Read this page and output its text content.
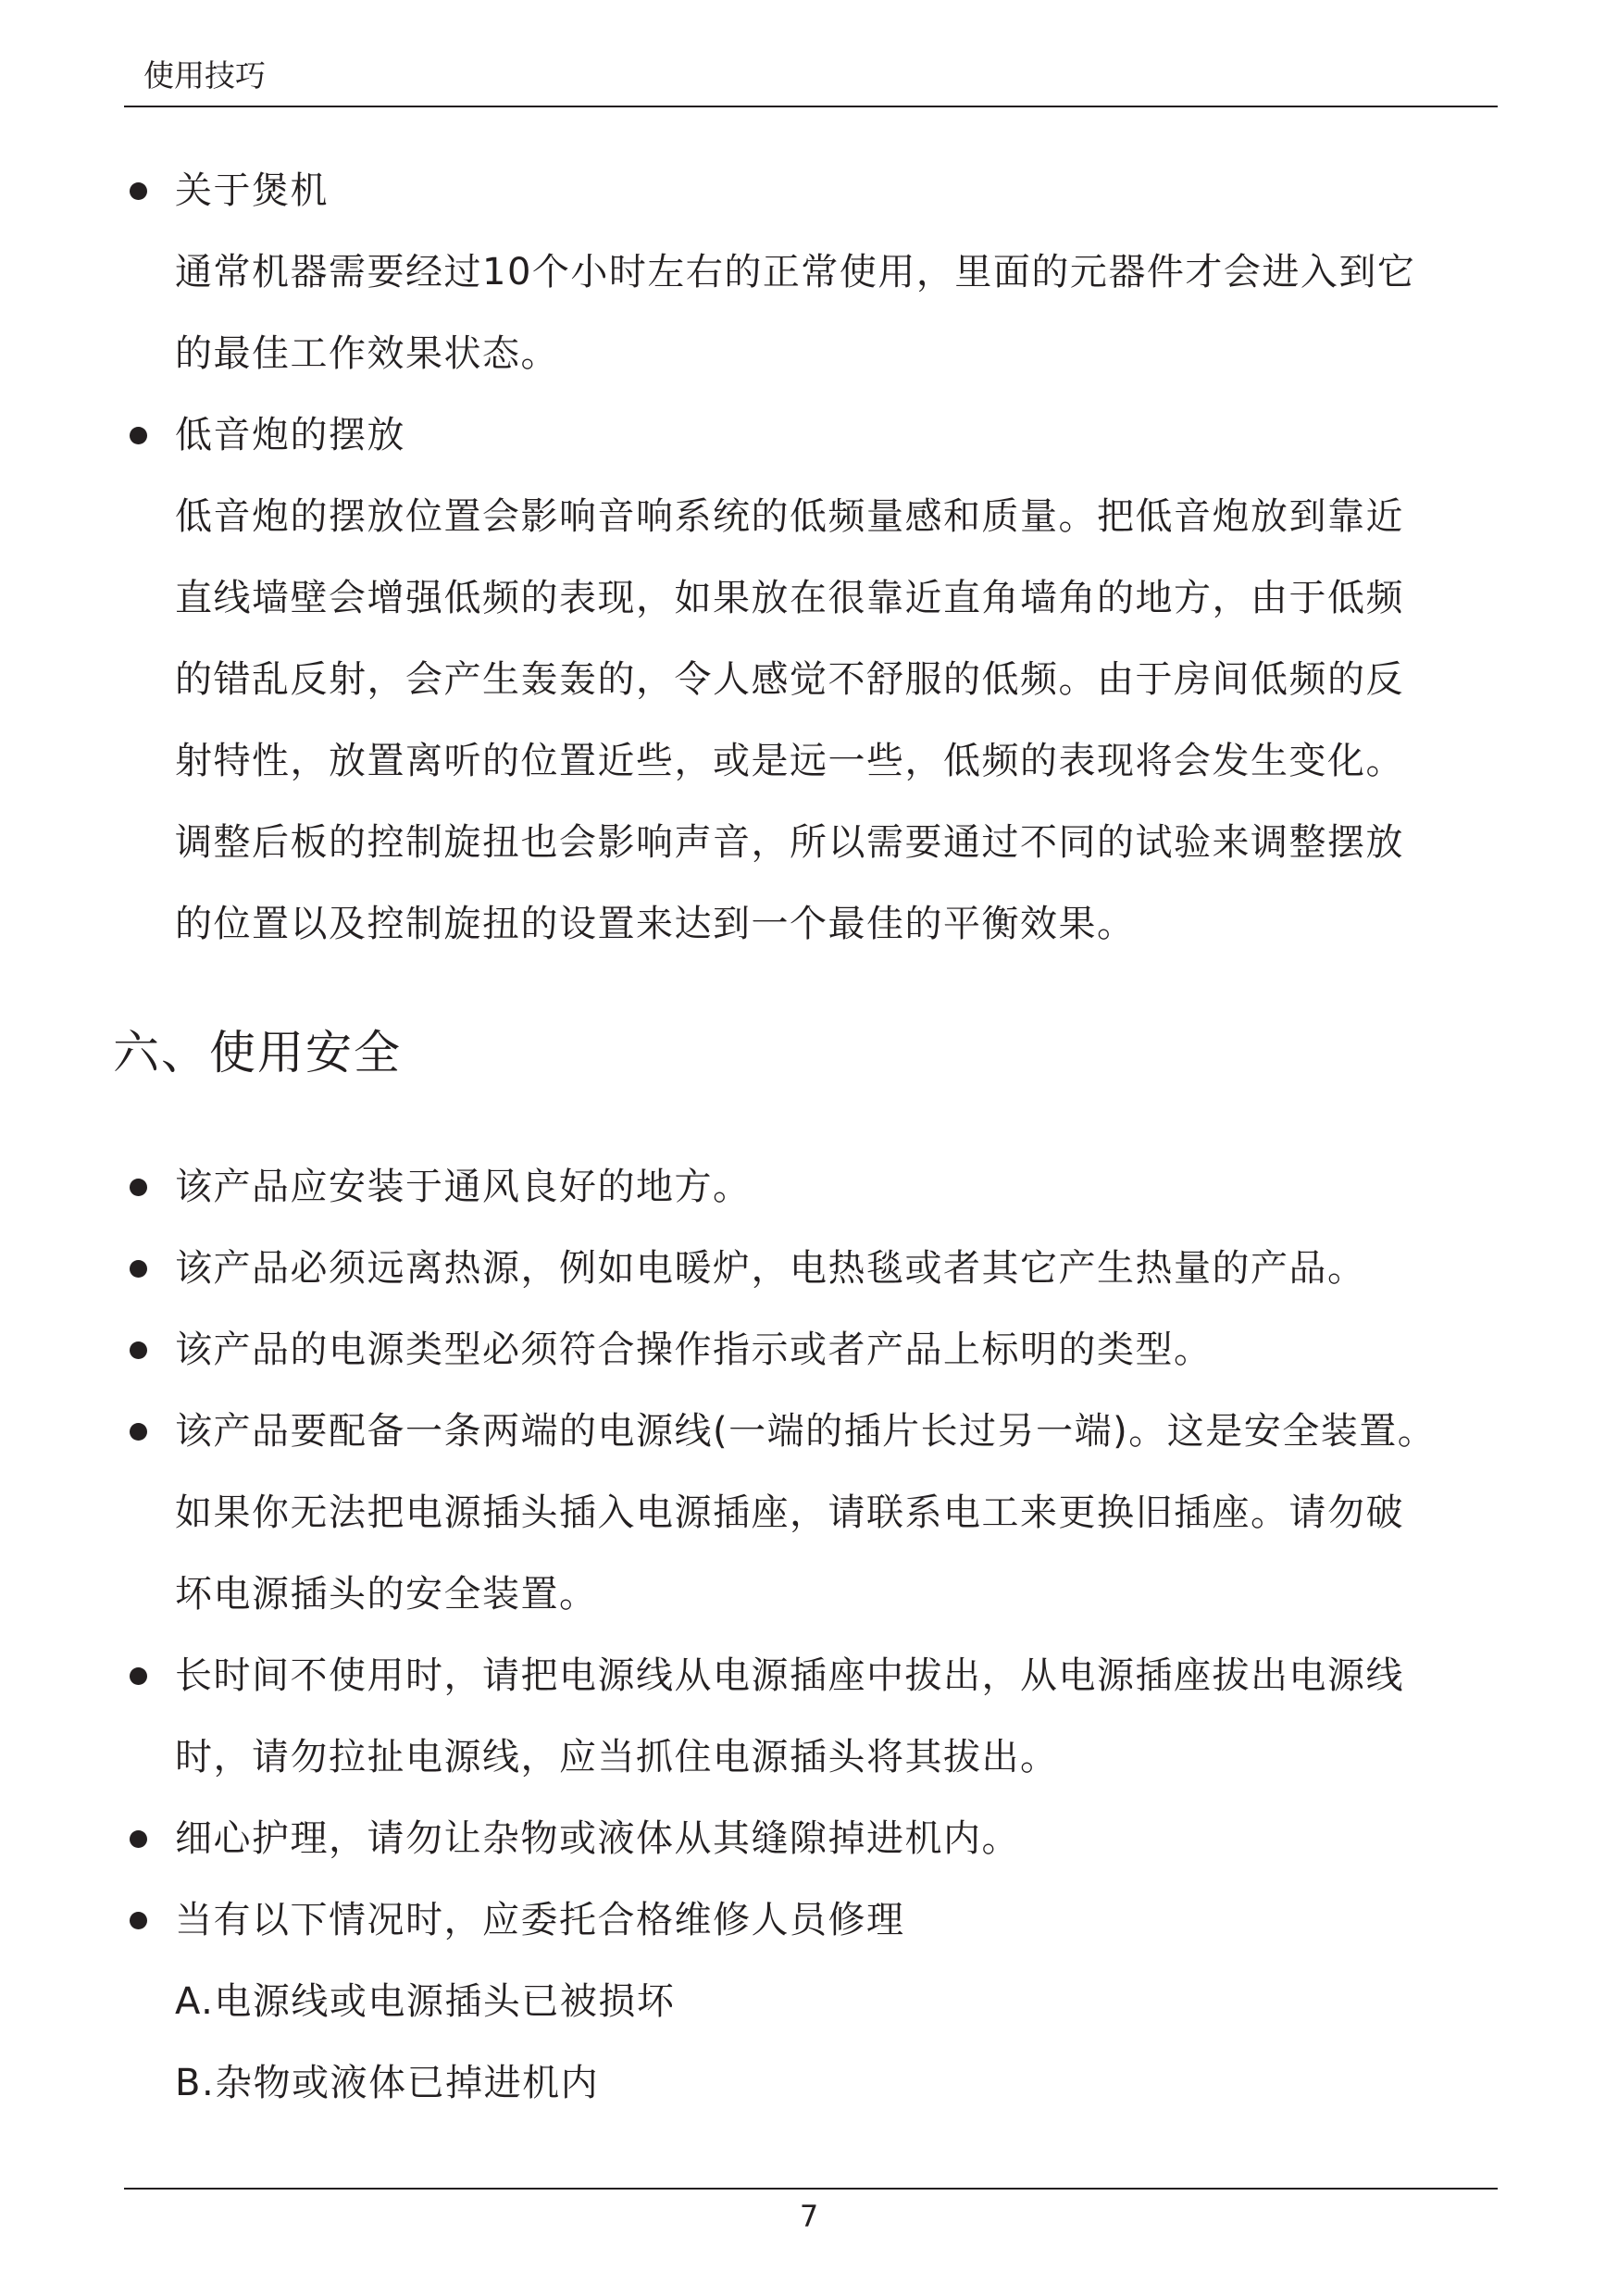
使用技巧
关于煲机
通常机器需要经过10个小时左右的正常使用，里面的元器件才会进入到它
的最佳工作效果状态。
低音炮的摆放
低音炮的摆放位置会影响音响系统的低频量感和质量。把低音炮放到靠近
直线墙壁会增强低频的表现，如果放在很靠近直角墙角的地方，由于低频
的错乱反射，会产生轰轰的，令人感觉不舒服的低频。由于房间低频的反
射特性，放置离听的位置近些，或是远一些，低频的表现将会发生变化。
调整后板的控制旋扭也会影响声音，所以需要通过不同的试验来调整摆放
的位置以及控制旋扭的设置来达到一个最佳的平衡效果。
六、使用安全
该产品应安装于通风良好的地方。
该产品必须远离热源，例如电暖炉，电热毯或者其它产生热量的产品。
该产品的电源类型必须符合操作指示或者产品上标明的类型。
该产品要配备一条两端的电源线(一端的插片长过另一端)。这是安全装置。
如果你无法把电源插头插入电源插座，请联系电工来更换旧插座。请勿破
坏电源插头的安全装置。
长时间不使用时，请把电源线从电源插座中拔出，从电源插座拔出电源线
时，请勿拉扯电源线，应当抓住电源插头将其拔出。
细心护理，请勿让杂物或液体从其缝隙掉进机内。
当有以下情况时，应委托合格维修人员修理
A.电源线或电源插头已被损坏
B.杂物或液体已掉进机内
7
